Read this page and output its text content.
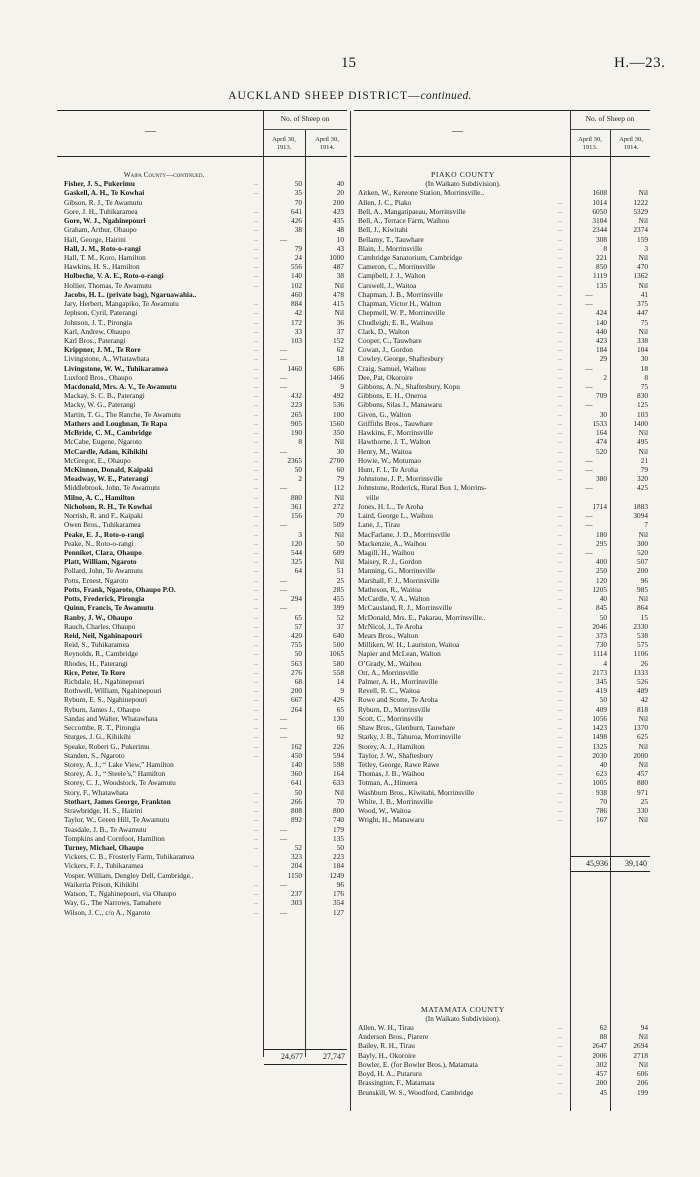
15	H.—23.
AUCKLAND SHEEP DISTRICT—continued.
—
No. of Sheep on
April 30,
1913.
April 30,
1914.
—
No. of Sheep on
April 30,
1913.
April 30,
1914.
Waipa County—continued.
Fisher, J. S., Pukerimu	..	50	40
Gaskell, A. H., Te Kowhai	..	35	20
Gibson, R. J., Te Awamutu	70	200
Gore, J. H., Tuhikaramea	..	641	423
Gore, W. J., Ngahinepouri	..	426	435
Graham, Arthur, Ohaupo	..	38	48
Hall, George, Hairini	..	—	10
Hall, J. M., Roto-o-rangi	..	79	43
Hall, T. M., Koro, Hamilton	..	24	1000
Hawkins, H. S., Hamilton	..	556	487
Holbeche, V. A. E., Roto-o-rangi	..	140	38
Hollier, Thomas, Te Awamutu	..	102	Nil
Jacobs, H. L. (private bag), Ngaruawahia..	460	478
Jary, Herbert, Mangapiko, Te Awamutu	..	884	415
Jephson, Cyril, Paterangi	..	42	Nil
Johnson, J. T., Pirongia	..	172	36
Karl, Andrew, Ohaupo	..	33	37
Karl Bros., Paterangi	..	103	152
Krippner, J. M., Te Rore	..	—	62
Livingstone, A., Whatawhata	..	—	18
Livingstone, W. W., Tuhikaramea	..	1460	686
Luxford Bros., Ohaupo	..	—	1466
Macdonald, Mrs. A. V., Te Awamutu	..	—	9
Mackay, S. C. B., Paterangi	..	432	492
Macky, W. G., Paterangi	..	223	536
Martin, T. G., The Ranche, Te Awamutu	..	265	100
Mathers and Loughnan, Te Rapa	..	905	1560
McBride, C. M., Cambridge	..	190	350
McCabe, Eugene, Ngaroto	..	8	Nil
McCardle, Adam, Kihikihi	..	—	30
McGregor, E., Ohaupo	..	2365	2700
McKinnon, Donald, Kaipaki	..	50	60
Meadway, W. E., Paterangi	..	2	79
Middlebrook, John, Te Awamutu	..	—	112
Milne, A. C., Hamilton	..	880	Nil
Nicholson, R. H., Te Kowhai	..	361	272
Norrish, R. and F., Kaipaki	..	156	70
Owen Bros., Tuhikaramea	..	—	509
Peake, E. J., Roto-o-rangi	..	3	Nil
Peake, N., Roto-o-rangi	..	120	50
Penniket, Clara, Ohaupo	..	544	609
Platt, William, Ngaroto	..	325	Nil
Pollard, John, Te Awamutu	..	64	51
Potts, Ernest, Ngaroto	..	—	25
Potts, Frank, Ngaroto, Ohaupo P.O.	..	—	285
Potts, Frederick, Pirongia	..	294	455
Quinn, Francis, Te Awamutu	..	—	399
Ranby, J. W., Ohaupo	..	65	52
Rauch, Charles, Ohaupo	..	57	37
Reid, Neil, Ngahinapouri	..	420	640
Reid, S., Tuhikaramea	..	755	500
Reynolds, R., Cambridge	..	50	1065
Rhodes, H., Paterangi	..	563	580
Rice, Peter, Te Rore	..	276	558
Richdale, H., Ngahinepouri	..	68	14
Rothwell, William, Ngahinepouri	..	200	9
Ryburn, E. S., Ngahinepouri	..	667	426
Ryburn, James J., Ohaupo	..	264	65
Sandas and Walter, Whatawhata	..	—	130
Seccombe, R. T., Pirongia	..	—	66
Sturges, J. G., Kihikihi	..	—	92
Speake, Robert G., Pukerimu	..	162	226
Standen, S., Ngaroto	..	450	594
Storey, A. J., “ Lake View,” Hamilton	140	598
Storey, A. J., “ Steele’s,” Hamilton	360	164
Storey, C. J., Woodstock, Te Awamutu	641	633
Story, F., Whatawhata	..	50	Nil
Stothart, James George, Frankton	..	266	70
Strawbridge, H. S., Hairini	..	808	800
Taylor, W., Green Hill, Te Awamutu	..	892	740
Teasdale, J. B., Te Awamutu	..	—	179
Tompkins and Cornfoot, Hamilton	..	—	135
Turney, Michael, Ohaupo	..	52	50
Vickers, C. B., Frosterly Farm, Tuhikaramea	323	223
Vickers, F. J., Tuhikaramea	..	204	184
Vosper, William, Dengley Dell, Cambridge..	1150	1249
Waikeria Prison, Kihikihi	..	—	96
Watson, T., Ngahinepouri, via Ohaupo	..	237	176
Way, G., The Narrows, Tamahere	..	303	354
Wilson, J. C., c/o A., Ngaroto	..	—	127
24,677	27,747
PIAKO COUNTY
(In Waikato Subdivision).
Aitken, W., Kereone Station, Morrinsville..	1608	Nil
Allen, J. C., Piako	..	1014	1222
Bell, A., Mangatipaeau, Morrinsville	..	6050	5329
Bell, A., Terrace Farm, Waihou	..	3104	Nil
Bell, J., Kiwitahi	..	2344	2374
Bellamy, T., Tauwhare	..	308	159
Blain, J., Morrinsville	..	8	3
Cambridge Sanatorium, Cambridge	..	221	Nil
Cameron, C., Morrinsville	..	850	470
Campbell, J. J., Walton	..	1119	1362
Carswell, J., Waitoa	..	135	Nil
Chapman, J. B., Morrinsville	..	—	41
Chapman, Victor H., Walton	..	—	375
Chepmell, W. P., Morrinsville	..	424	447
Chudleigh, E. R., Waihou	..	140	75
Clark, D., Walton	..	440	Nil
Cooper, C., Tauwhare	..	423	338
Cowan, J., Gordon	..	184	104
Cowley, George, Shaftesbury	..	29	30
Craig, Samuel, Waihou	..	—	18
Dee, Pat, Okoroire	..	2	8
Gibbons, A. N., Shaftesbury, Kopu	..	—	75
Gibbons, E. H., Oneroa	..	709	830
Gibbons, Silas J., Manawaru	..	—	125
Given, G., Walton	..	30	103
Griffiths Bros., Tauwhare	..	1533	1400
Hawkins, F., Morrinsville	..	164	Nil
Hawthorne, J. T., Walton	..	474	495
Henry, M., Waitoa	..	520	Nil
Howie, W., Motumao	..	—	21
Hunt, F. I., Te Aroha	..	—	79
Johnstone, J. P., Morrinsville	..	380	320
Johnstone, Roderick, Rural Box 1, Morrins-	—	425
ville
Jones, H. L., Te Aroha	..	1714	1883
Laird, George L., Waihou	..	—	3094
Lane, J., Tirau	..	—	7
MacFarlane, J. D., Morrinsville	..	180	Nil
Mackenzie, A., Waihou	..	295	300
Magill, H., Waihou	..	—	520
Maisey, R. J., Gordon	..	400	507
Manning, G., Morrinsville	..	250	200
Marshall, F. J., Morrinsville	..	120	96
Matheson, R., Waitoa	..	1205	985
McCardle, V. A., Walton	..	40	Nil
McCausland, R. J., Morrinsville	..	845	864
McDonald, Mrs. E., Pakarau, Morrinsville..	50	15
McNicol, J., Te Aroha	..	2046	2330
Mears Bros., Walton	..	373	538
Milliken, W. H., Lauriston, Waitoa	..	730	575
Napier and McLean, Walton	..	1114	1106
O’Grady, M., Waihou	..	4	26
Orr, A., Morrinsville	..	2173	1333
Palmer, A. H., Morrinsville	..	345	526
Revell, R. C., Waitoa	..	419	489
Rowe and Scotte, Te Aroha	..	50	42
Ryburn, D., Morrinsville	..	409	818
Scott, C., Morrinsville	..	1056	Nil
Shaw Bros., Glenburn, Tauwhare	..	1423	1370
Starky, J. B., Tahuroa, Morrinsville	..	1498	625
Storey, A. J., Hamilton	..	1325	Nil
Taylor, J. W., Shaftesbury	..	2030	2000
Tetley, George, Rawe Rawe	..	40	Nil
Thomas, J. B., Waihou	..	623	457
Totman, A., Hinuera	..	1005	880
Washburn Bros., Kiwitahi, Morrinsville	..	938	971
White, J. B., Morrinsville	..	70	25
Wood, W., Waitoa	..	786	330
Wright, H., Manawaru	..	167	Nil
45,936	39,140
MATAMATA COUNTY
(In Waikato Subdivision).
Allen, W. H., Tirau	..	62	94
Anderson Bros., Piarere	..	88	Nil
Bailey, R. H., Tirau	..	2647	2694
Bayly, H., Okoroire	..	2006	2718
Bowler, E. (for Bowler Bros.), Matamata	..	302	Nil
Boyd, H. A., Putaruru	..	457	606
Brassington, F., Matamata	..	200	206
Brunskill, W. S., Woodford, Cambridge	..	45	199
